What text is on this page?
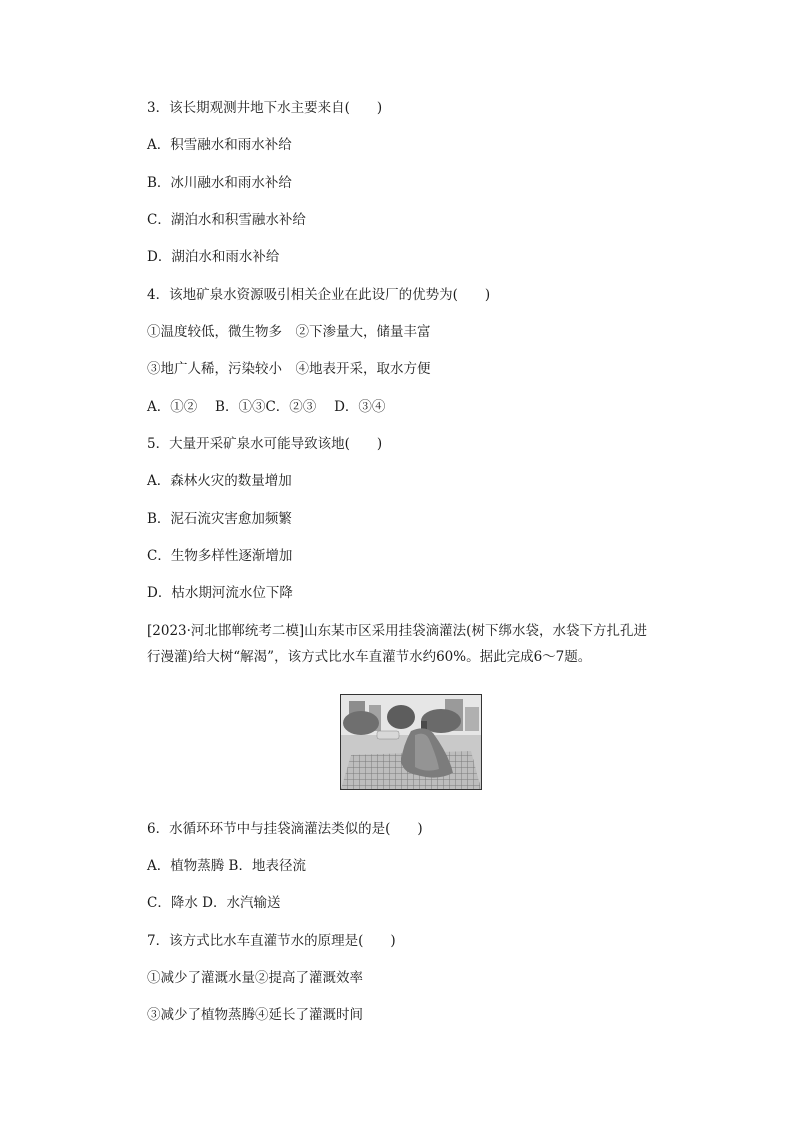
3．该长期观测井地下水主要来自(　　)
A．积雪融水和雨水补给
B．冰川融水和雨水补给
C．湖泊水和积雪融水补给
D．湖泊水和雨水补给
4．该地矿泉水资源吸引相关企业在此设厂的优势为(　　)
①温度较低，微生物多　②下渗量大，储量丰富
③地广人稀，污染较小　④地表开采，取水方便
A．①②　 B．①③C．②③　 D．③④
5．大量开采矿泉水可能导致该地(　　)
A．森林火灾的数量增加
B．泥石流灾害愈加频繁
C．生物多样性逐渐增加
D．枯水期河流水位下降
[2023·河北邯郸统考二模]山东某市区采用挂袋滴灌法(树下绑水袋，水袋下方扎孔进行漫灌)给大树“解渴”，该方式比水车直灌节水约60%。据此完成6～7题。
6．水循环环节中与挂袋滴灌法类似的是(　　)
A．植物蒸腾 B．地表径流
C．降水 D．水汽输送
7．该方式比水车直灌节水的原理是(　　)
①减少了灌溉水量②提高了灌溉效率
③减少了植物蒸腾④延长了灌溉时间
